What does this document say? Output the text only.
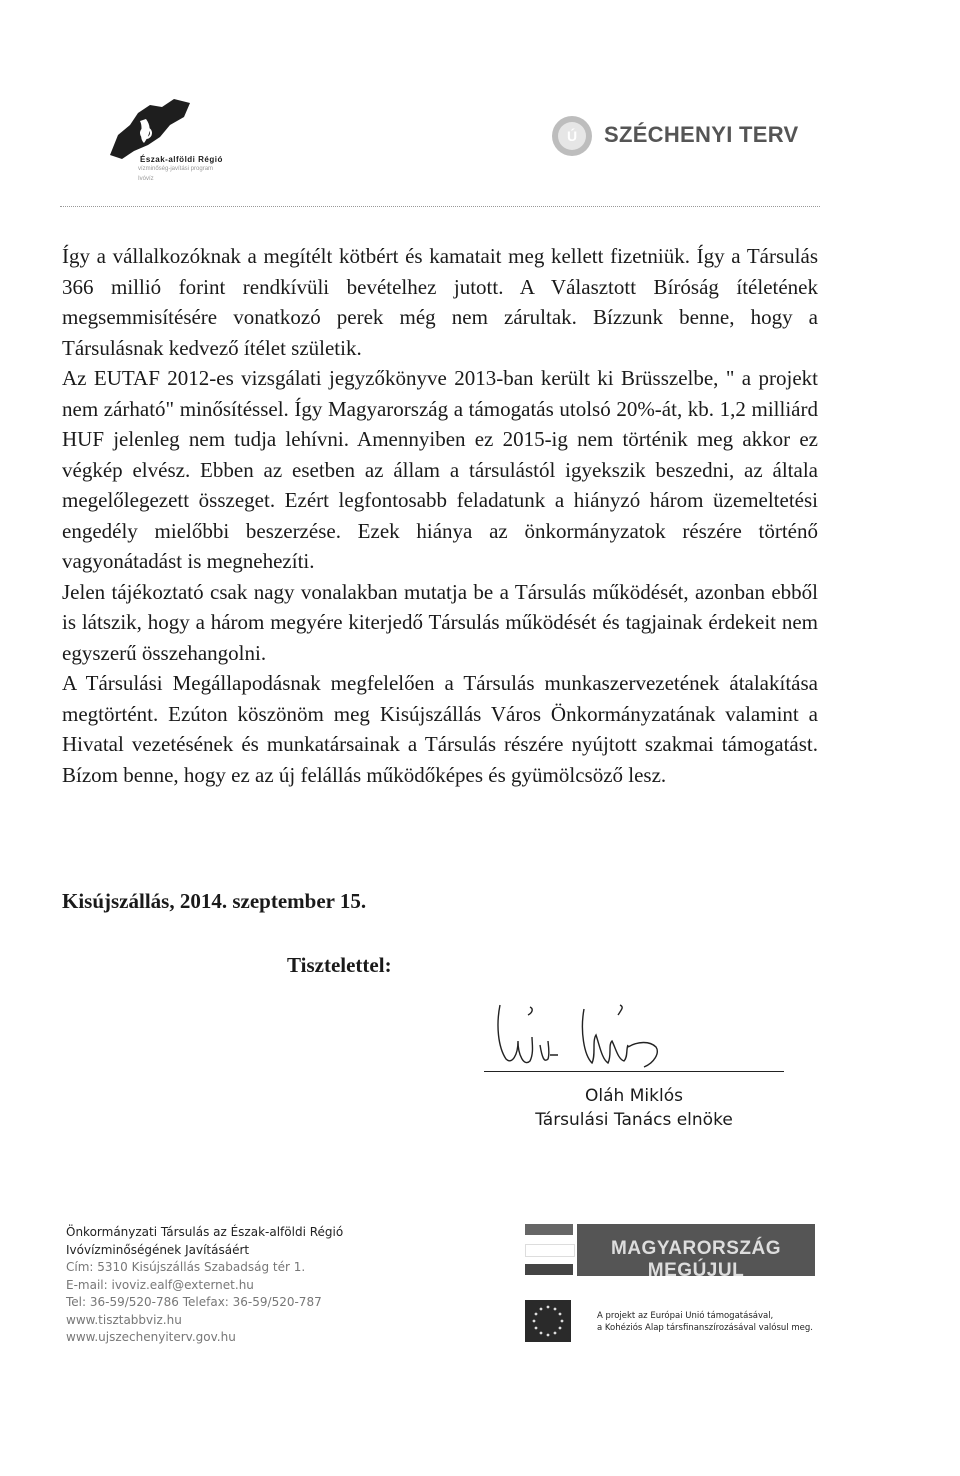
Észak-alföldi Régió
vízminőség-javítási program
Ivóvíz
Ú SZÉCHENYI TERV

Így a vállalkozóknak a megítélt kötbért és kamatait meg kellett fizetniük. Így a Társulás 366 millió forint rendkívüli bevételhez jutott. A Választott Bíróság ítéletének megsemmisítésére vonatkozó perek még nem zárultak. Bízzunk benne, hogy a Társulásnak kedvező ítélet születik.

Az EUTAF 2012-es vizsgálati jegyzőkönyve 2013-ban került ki Brüsszelbe, " a projekt nem zárható" minősítéssel. Így Magyarország a támogatás utolsó 20%-át, kb. 1,2 milliárd HUF jelenleg nem tudja lehívni. Amennyiben ez 2015-ig nem történik meg akkor ez végkép elvész. Ebben az esetben az állam a társulástól igyekszik beszedni, az általa megelőlegezett összeget. Ezért legfontosabb feladatunk a hiányzó három üzemeltetési engedély mielőbbi beszerzése. Ezek hiánya az önkormányzatok részére történő vagyonátadást is megnehezíti.

Jelen tájékoztató csak nagy vonalakban mutatja be a Társulás működését, azonban ebből is látszik, hogy a három megyére kiterjedő Társulás működését és tagjainak érdekeit nem egyszerű összehangolni.

A Társulási Megállapodásnak megfelelően a Társulás munkaszervezetének átalakítása megtörtént. Ezúton köszönöm meg Kisújszállás Város Önkormányzatának valamint a Hivatal vezetésének és munkatársainak a Társulás részére nyújtott szakmai támogatást. Bízom benne, hogy ez az új felállás működőképes és gyümölcsöző lesz.

Kisújszállás, 2014. szeptember 15.
Tisztelettel:
Oláh Miklós
Társulási Tanács elnöke
Önkormányzati Társulás az Észak-alföldi Régió
Ivóvízminőségének Javításáért
Cím: 5310 Kisújszállás Szabadság tér 1.
E-mail: ivoviz.ealf@externet.hu
Tel: 36-59/520-786 Telefax: 36-59/520-787
www.tisztabbviz.hu
www.ujszechenyiterv.gov.hu
MAGYARORSZÁG MEGÚJUL
A projekt az Európai Unió támogatásával,
a Kohéziós Alap társfinanszírozásával valósul meg.
